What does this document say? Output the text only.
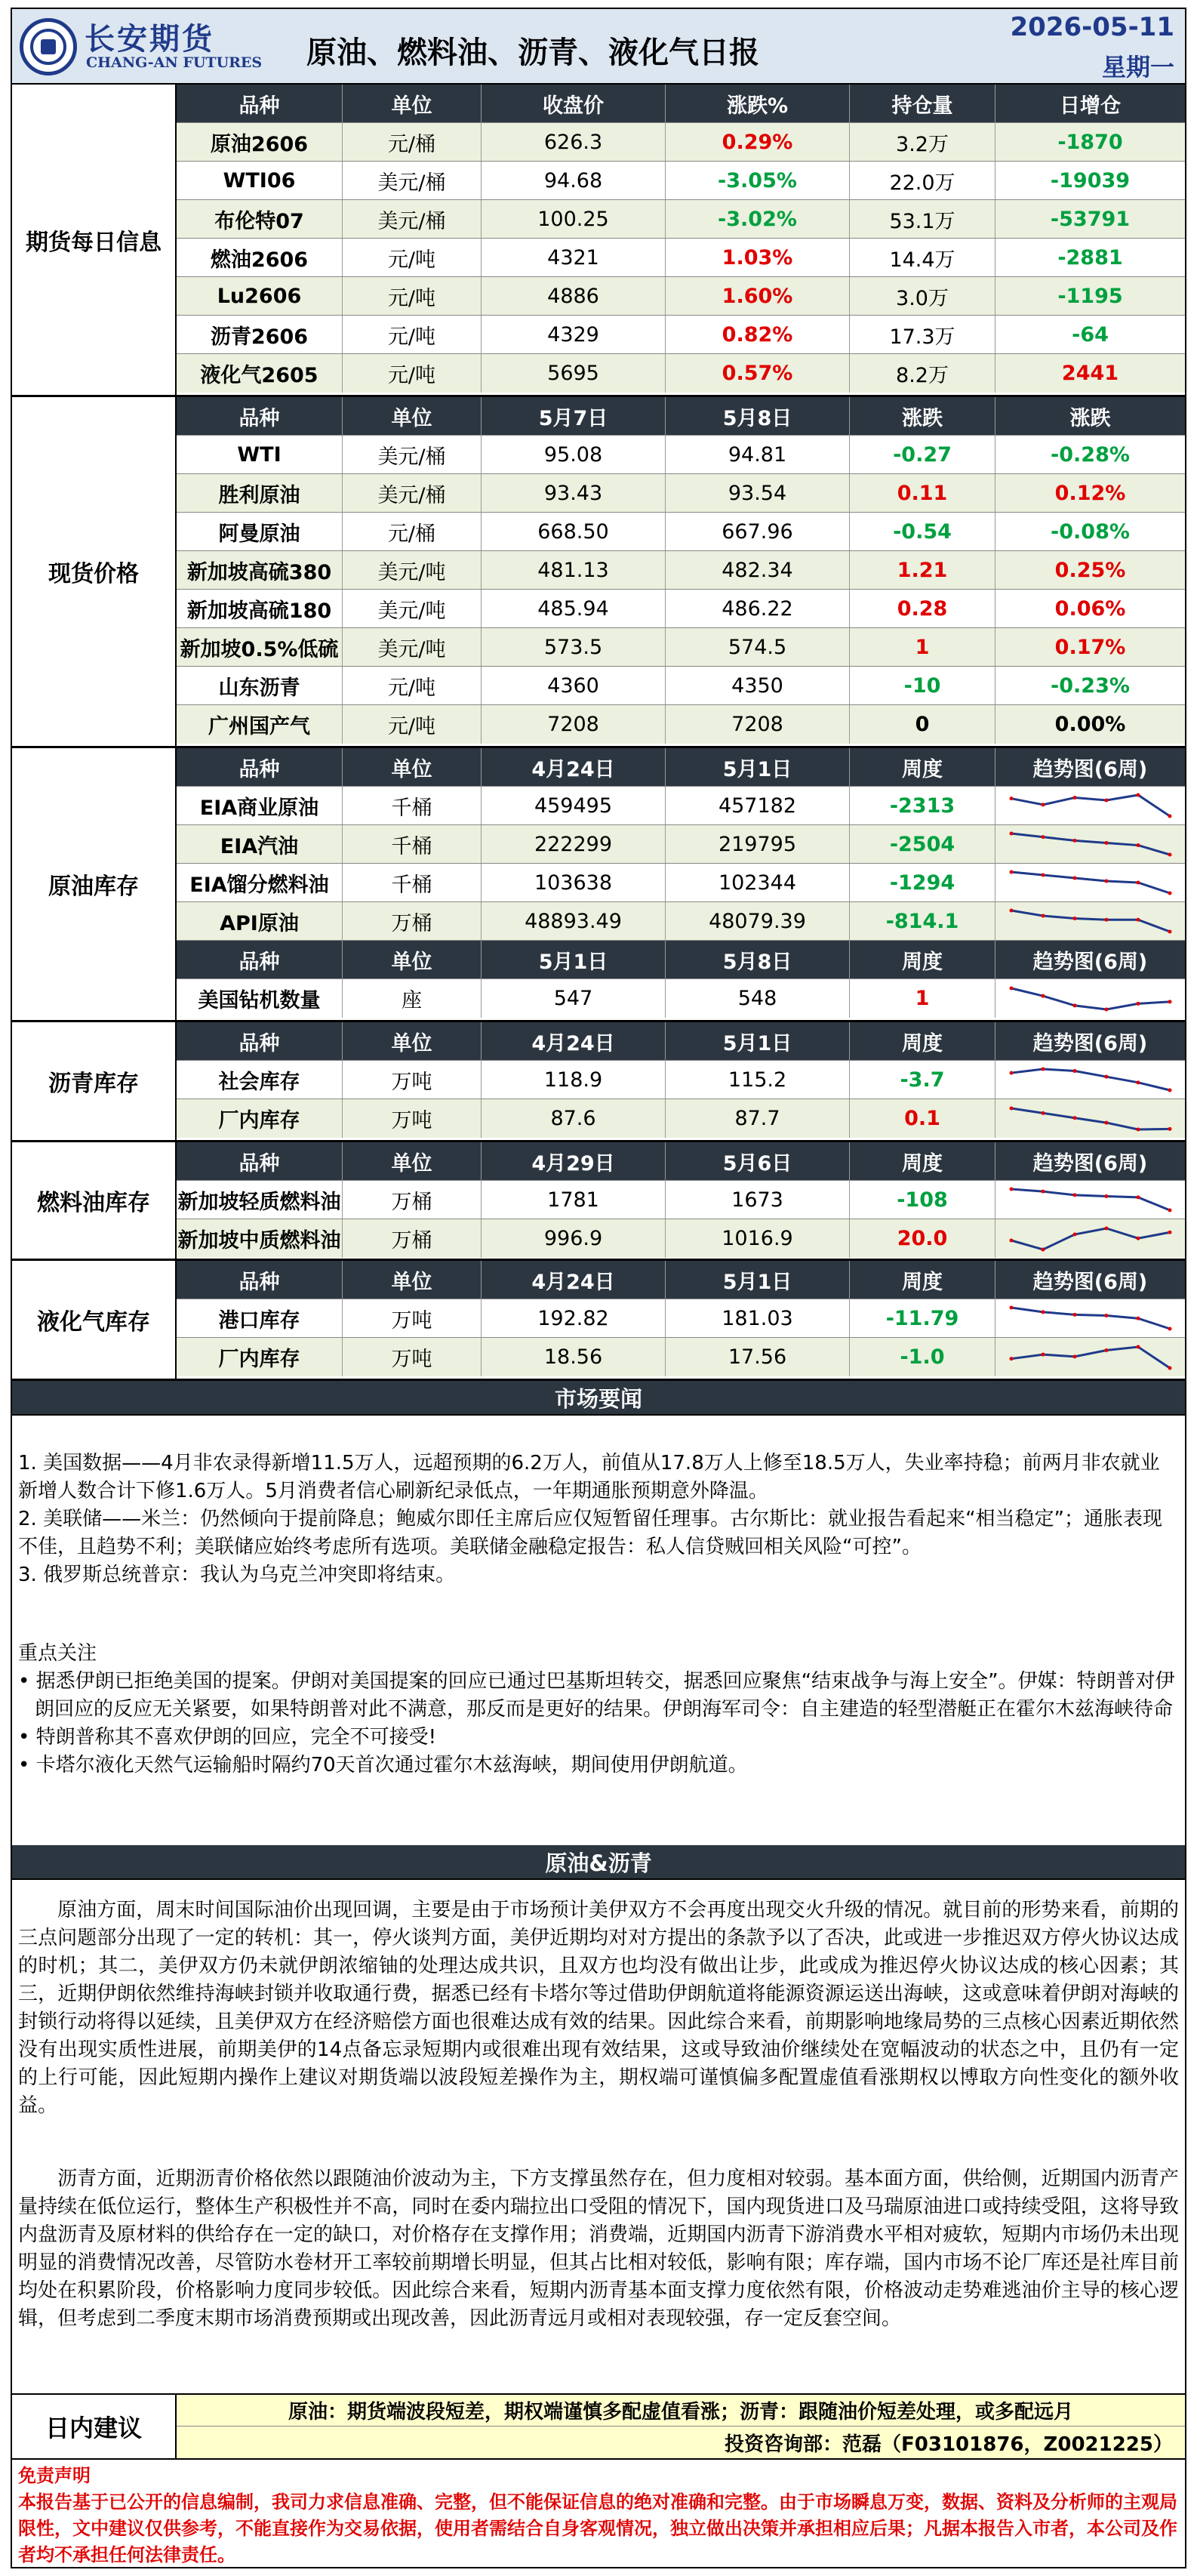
长安期货
CHANG-AN FUTURES 原油、燃料油、沥青、液化气日报
2026-05-11
星期一
期货每日信息
品种	单位	收盘价	涨跌%	持仓量	日增仓
原油2606	元/桶	626.3	0.29%	3.2万	-1870
WTI06	美元/桶	94.68	-3.05%	22.0万	-19039
布伦特07	美元/桶	100.25	-3.02%	53.1万	-53791
燃油2606	元/吨	4321	1.03%	14.4万	-2881
Lu2606	元/吨	4886	1.60%	3.0万	-1195
沥青2606	元/吨	4329	0.82%	17.3万	-64
液化气2605	元/吨	5695	0.57%	8.2万	2441
现货价格
品种	单位	5月7日	5月8日	涨跌	涨跌
WTI	美元/桶	95.08	94.81	-0.27	-0.28%
胜利原油	美元/桶	93.43	93.54	0.11	0.12%
阿曼原油	元/桶	668.50	667.96	-0.54	-0.08%
新加坡高硫380	美元/吨	481.13	482.34	1.21	0.25%
新加坡高硫180	美元/吨	485.94	486.22	0.28	0.06%
新加坡0.5%低硫	美元/吨	573.5	574.5	1	0.17%
山东沥青	元/吨	4360	4350	-10	-0.23%
广州国产气	元/吨	7208	7208	0	0.00%
原油库存
品种	单位	4月24日	5月1日	周度	趋势图(6周)
EIA商业原油	千桶	459495	457182	-2313
EIA汽油	千桶	222299	219795	-2504
EIA馏分燃料油	千桶	103638	102344	-1294
API原油	万桶	48893.49	48079.39	-814.1
品种	单位	5月1日	5月8日	周度	趋势图(6周)
美国钻机数量	座	547	548	1
沥青库存
品种	单位	4月24日	5月1日	周度	趋势图(6周)
社会库存	万吨	118.9	115.2	-3.7
厂内库存	万吨	87.6	87.7	0.1
燃料油库存
品种	单位	4月29日	5月6日	周度	趋势图(6周)
新加坡轻质燃料油	万桶	1781	1673	-108
新加坡中质燃料油	万桶	996.9	1016.9	20.0
液化气库存
品种	单位	4月24日	5月1日	周度	趋势图(6周)
港口库存	万吨	192.82	181.03	-11.79
厂内库存	万吨	18.56	17.56	-1.0
市场要闻

1. 美国数据——4月非农录得新增11.5万人，远超预期的6.2万人，前值从17.8万人上修至18.5万人，失业率持稳；前两月非农就业新增人数合计下修1.6万人。5月消费者信心刷新纪录低点，一年期通胀预期意外降温。

2. 美联储——米兰：仍然倾向于提前降息；鲍威尔即任主席后应仅短暂留任理事。古尔斯比：就业报告看起来“相当稳定”；通胀表现不佳，且趋势不利；美联储应始终考虑所有选项。美联储金融稳定报告：私人信贷贼回相关风险“可控”。

3. 俄罗斯总统普京：我认为乌克兰冲突即将结束。

重点关注

• 据悉伊朗已拒绝美国的提案。伊朗对美国提案的回应已通过巴基斯坦转交，据悉回应聚焦“结束战争与海上安全”。伊媒：特朗普对伊朗回应的反应无关紧要，如果特朗普对此不满意，那反而是更好的结果。伊朗海军司令：自主建造的轻型潜艇正在霍尔木兹海峡待命

• 特朗普称其不喜欢伊朗的回应，完全不可接受!

• 卡塔尔液化天然气运输船时隔约70天首次通过霍尔木兹海峡，期间使用伊朗航道。

原油&沥青
原油方面，周末时间国际油价出现回调，主要是由于市场预计美伊双方不会再度出现交火升级的情况。就目前的形势来看，前期的三点问题部分出现了一定的转机：其一，停火谈判方面，美伊近期均对对方提出的条款予以了否决，此或进一步推迟双方停火协议达成的时机；其二，美伊双方仍未就伊朗浓缩铀的处理达成共识，且双方也均没有做出让步，此或成为推迟停火协议达成的核心因素；其三，近期伊朗依然维持海峡封锁并收取通行费，据悉已经有卡塔尔等过借助伊朗航道将能源资源运送出海峡，这或意味着伊朗对海峡的封锁行动将得以延续，且美伊双方在经济赔偿方面也很难达成有效的结果。因此综合来看，前期影响地缘局势的三点核心因素近期依然没有出现实质性进展，前期美伊的14点备忘录短期内或很难出现有效结果，这或导致油价继续处在宽幅波动的状态之中，且仍有一定的上行可能，因此短期内操作上建议对期货端以波段短差操作为主，期权端可谨慎偏多配置虚值看涨期权以博取方向性变化的额外收益。
沥青方面，近期沥青价格依然以跟随油价波动为主，下方支撑虽然存在，但力度相对较弱。基本面方面，供给侧，近期国内沥青产量持续在低位运行，整体生产积极性并不高，同时在委内瑞拉出口受阻的情况下，国内现货进口及马瑞原油进口或持续受阻，这将导致内盘沥青及原材料的供给存在一定的缺口，对价格存在支撑作用；消费端，近期国内沥青下游消费水平相对疲软，短期内市场仍未出现明显的消费情况改善，尽管防水卷材开工率较前期增长明显，但其占比相对较低，影响有限；库存端，国内市场不论厂库还是社库目前均处在积累阶段，价格影响力度同步较低。因此综合来看，短期内沥青基本面支撑力度依然有限，价格波动走势难逃油价主导的核心逻辑，但考虑到二季度末期市场消费预期或出现改善，因此沥青远月或相对表现较强，存一定反套空间。
日内建议
原油：期货端波段短差，期权端谨慎多配虚值看涨；沥青：跟随油价短差处理，或多配远月
投资咨询部：范磊（F03101876，Z0021225）
免责声明
本报告基于已公开的信息编制，我司力求信息准确、完整，但不能保证信息的绝对准确和完整。由于市场瞬息万变，数据、资料及分析师的主观局限性，文中建议仅供参考，不能直接作为交易依据，使用者需结合自身客观情况，独立做出决策并承担相应后果；凡据本报告入市者，本公司及作者均不承担任何法律责任。
